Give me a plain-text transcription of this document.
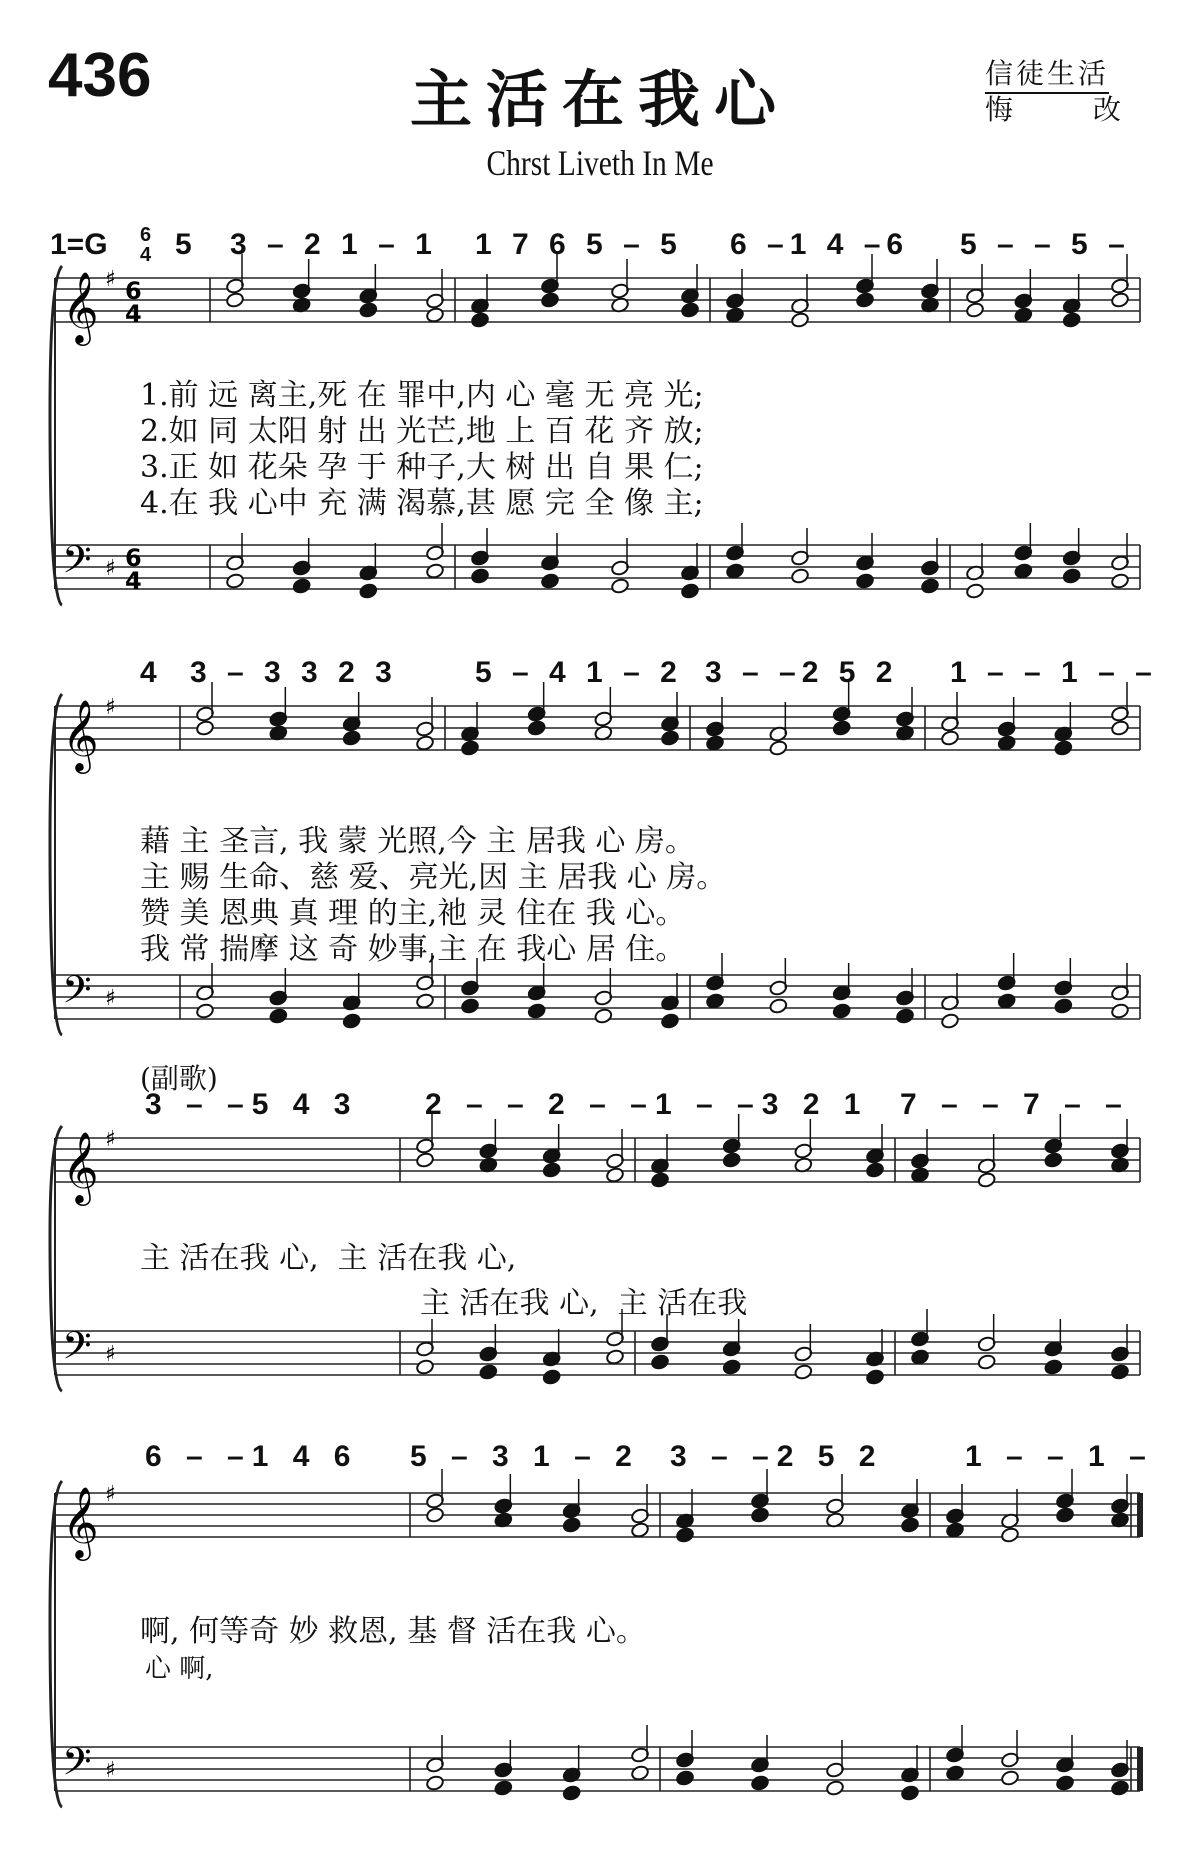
436	主活在我心
Chrst Liveth In Me
信徒生活
悔	改
1=G 6
4 5 3 – 2 1 – 1 1 7 6 5 – 5 6 –1 4 –6 5 – – 5 –
4 3 – 3 3 2 3	5 – 4 1 – 2 3 – –2 5 2 1 – – 1 – –
(副歌)
3 – –5 4 3 2 – – 2 – – 1 – –3 2 1 7 – – 7 – –
6 – –1 4 6 5 – 3 1 – 2 3 – –2 5 2	1 – – 1 –
1.前 远 离主,死 在 罪中,内 心 毫 无 亮 光;
2.如 同 太阳 射 出 光芒,地 上 百 花 齐 放;
3.正 如 花朵 孕 于 种子,大 树 出 自 果 仁;
4.在 我 心中 充 满 渴慕,甚 愿 完 全 像 主;
藉 主 圣言, 我 蒙 光照,今 主 居我 心 房。
主 赐 生命、慈 爱、亮光,因 主 居我 心 房。
赞 美 恩典 真 理 的主,祂 灵 住在 我 心。
我 常 揣摩 这 奇 妙事,主 在 我心 居 住。
主 活在我 心,  主 活在我 心,
主 活在我 心,  主 活在我
啊, 何等奇 妙 救恩, 基 督 活在我 心。
心 啊,
𝄞
𝄢
♯
♯
6
4
6
4
𝄞
𝄢
♯
♯
𝄞
𝄢
♯
♯
𝄞
𝄢
♯
♯
